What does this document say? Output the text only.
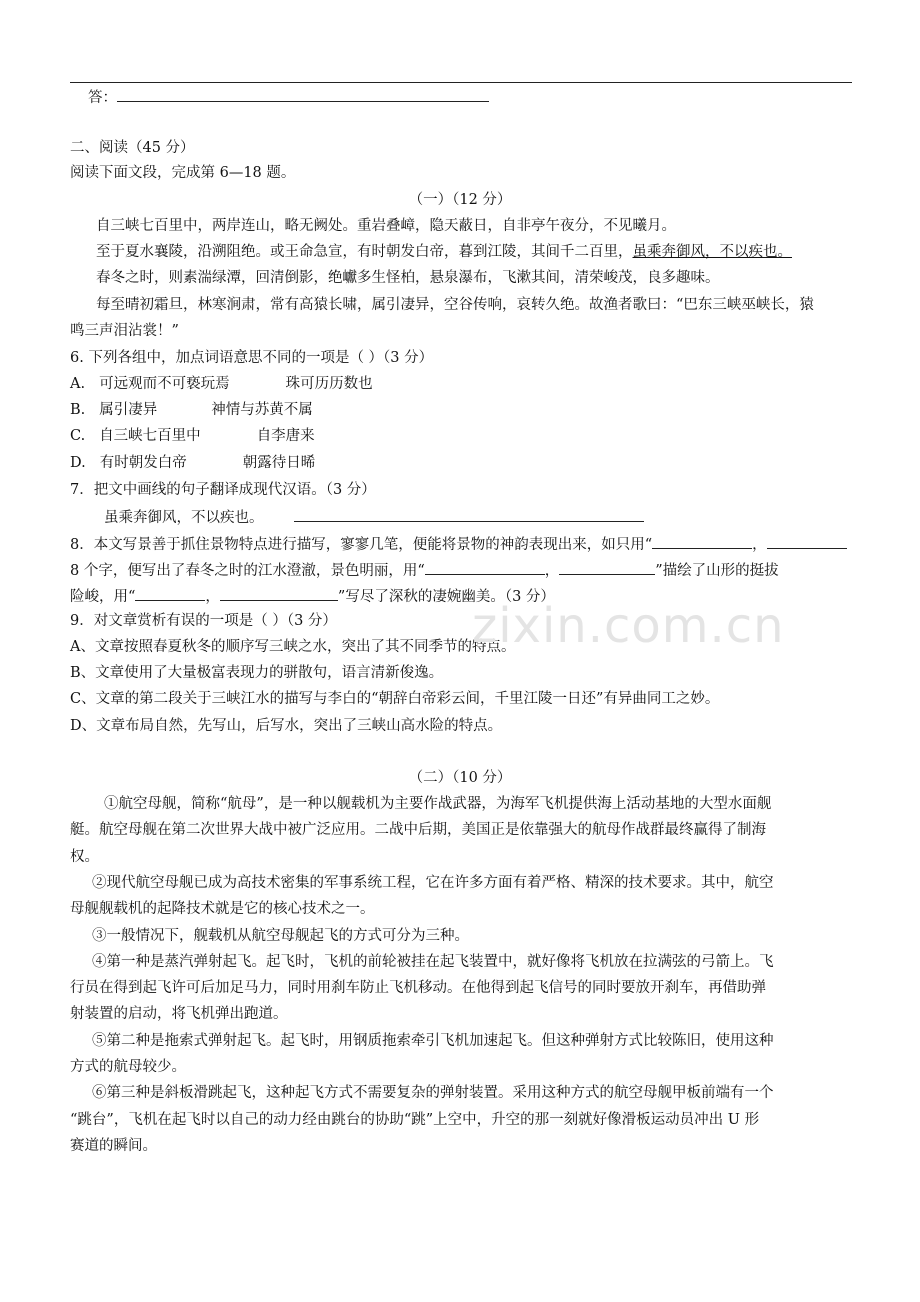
答：
二、阅读（45 分）
阅读下面文段，完成第 6—18 题。
（一）（12 分）
自三峡七百里中，两岸连山，略无阙处。重岩叠嶂，隐天蔽日，自非亭午夜分，不见曦月。
至于夏水襄陵，沿溯阻绝。或王命急宣，有时朝发白帝，暮到江陵，其间千二百里，虽乘奔御风，不以疾也。
春冬之时，则素湍绿潭，回清倒影，绝巘多生怪柏，悬泉瀑布，飞漱其间，清荣峻茂，良多趣味。
每至晴初霜旦，林寒涧肃，常有高猿长啸，属引凄异，空谷传响，哀转久绝。故渔者歌曰：“巴东三峡巫峡长，猿
鸣三声泪沾裳！”
6. 下列各组中，加点词语意思不同的一项是（ ）（3 分）
A. 可远观而不可亵玩焉	珠可历历数也
B. 属引凄异	神情与苏黄不属
C. 自三峡七百里中	自李唐来
D. 有时朝发白帝	朝露待日晞
7．把文中画线的句子翻译成现代汉语。（3 分）
虽乘奔御风，不以疾也。
8．本文写景善于抓住景物特点进行描写，寥寥几笔，便能将景物的神韵表现出来，如只用“	，
8 个字，便写出了春冬之时的江水澄澈，景色明丽，用“	，	”描绘了山形的挺拔
险峻，用“	，	”写尽了深秋的凄婉幽美。（3 分）
9．对文章赏析有误的一项是（ ）（3 分）
A、文章按照春夏秋冬的顺序写三峡之水，突出了其不同季节的特点。
B、文章使用了大量极富表现力的骈散句，语言清新俊逸。
C、文章的第二段关于三峡江水的描写与李白的“朝辞白帝彩云间，千里江陵一日还”有异曲同工之妙。
D、文章布局自然，先写山，后写水，突出了三峡山高水险的特点。
（二）（10 分）
①航空母舰，简称“航母”，是一种以舰载机为主要作战武器，为海军飞机提供海上活动基地的大型水面舰
艇。航空母舰在第二次世界大战中被广泛应用。二战中后期，美国正是依靠强大的航母作战群最终赢得了制海
权。
②现代航空母舰已成为高技术密集的军事系统工程，它在许多方面有着严格、精深的技术要求。其中，航空
母舰舰载机的起降技术就是它的核心技术之一。
③一般情况下，舰载机从航空母舰起飞的方式可分为三种。
④第一种是蒸汽弹射起飞。起飞时，飞机的前轮被挂在起飞装置中，就好像将飞机放在拉满弦的弓箭上。飞
行员在得到起飞许可后加足马力，同时用刹车防止飞机移动。在他得到起飞信号的同时要放开刹车，再借助弹
射装置的启动，将飞机弹出跑道。
⑤第二种是拖索式弹射起飞。起飞时，用钢质拖索牵引飞机加速起飞。但这种弹射方式比较陈旧，使用这种
方式的航母较少。
⑥第三种是斜板滑跳起飞，这种起飞方式不需要复杂的弹射装置。采用这种方式的航空母舰甲板前端有一个
“跳台”，飞机在起飞时以自己的动力经由跳台的协助“跳”上空中，升空的那一刻就好像滑板运动员冲出 U 形
赛道的瞬间。
zixin.com.cn
